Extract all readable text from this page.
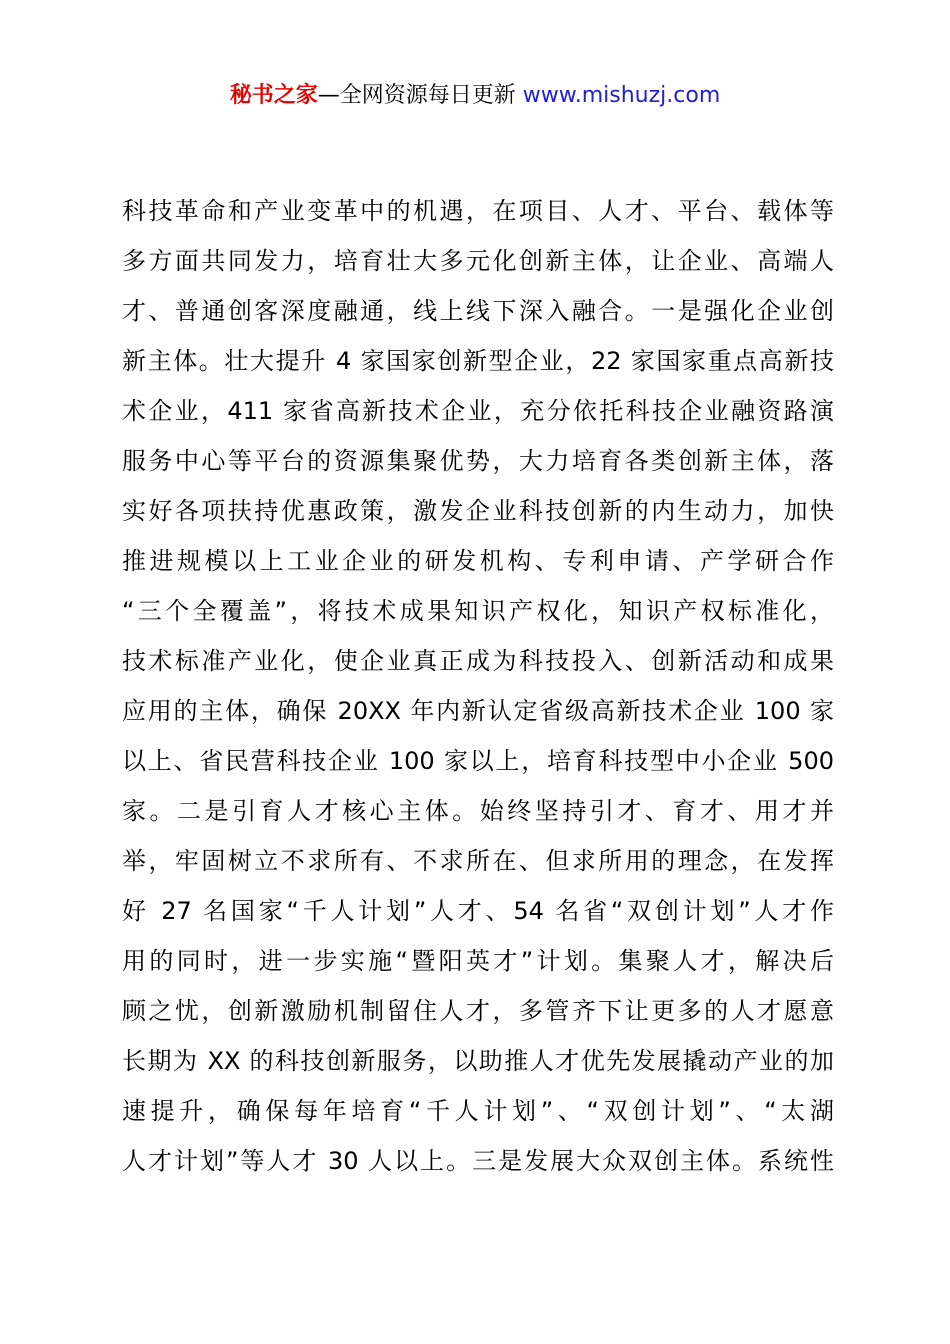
秘书之家—全网资源每日更新 www.mishuzj.com
科技革命和产业变革中的机遇，在项目、人才、平台、载体等
多方面共同发力，培育壮大多元化创新主体，让企业、高端人
才、普通创客深度融通，线上线下深入融合。一是强化企业创
新主体。壮大提升 4 家国家创新型企业，22 家国家重点高新技
术企业，411 家省高新技术企业，充分依托科技企业融资路演
服务中心等平台的资源集聚优势，大力培育各类创新主体，落
实好各项扶持优惠政策，激发企业科技创新的内生动力，加快
推进规模以上工业企业的研发机构、专利申请、产学研合作
“三个全覆盖”，将技术成果知识产权化，知识产权标准化，
技术标准产业化，使企业真正成为科技投入、创新活动和成果
应用的主体，确保 20XX 年内新认定省级高新技术企业 100 家
以上、省民营科技企业 100 家以上，培育科技型中小企业 500
家。二是引育人才核心主体。始终坚持引才、育才、用才并
举，牢固树立不求所有、不求所在、但求所用的理念，在发挥
好 27 名国家“千人计划”人才、54 名省“双创计划”人才作
用的同时，进一步实施“暨阳英才”计划。集聚人才，解决后
顾之忧，创新激励机制留住人才，多管齐下让更多的人才愿意
长期为 XX 的科技创新服务，以助推人才优先发展撬动产业的加
速提升，确保每年培育“千人计划”、“双创计划”、“太湖
人才计划”等人才 30 人以上。三是发展大众双创主体。系统性
